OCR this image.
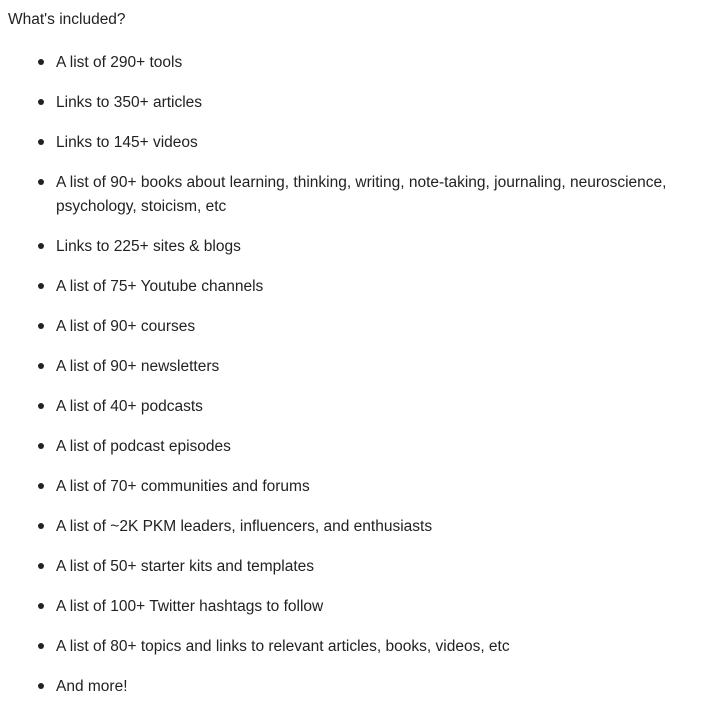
What's included?

A list of 290+ tools
Links to 350+ articles
Links to 145+ videos
A list of 90+ books about learning, thinking, writing, note-taking, journaling, neuroscience, psychology, stoicism, etc
Links to 225+ sites & blogs
A list of 75+ Youtube channels
A list of 90+ courses
A list of 90+ newsletters
A list of 40+ podcasts
A list of podcast episodes
A list of 70+ communities and forums
A list of ~2K PKM leaders, influencers, and enthusiasts
A list of 50+ starter kits and templates
A list of 100+ Twitter hashtags to follow
A list of 80+ topics and links to relevant articles, books, videos, etc
And more!
